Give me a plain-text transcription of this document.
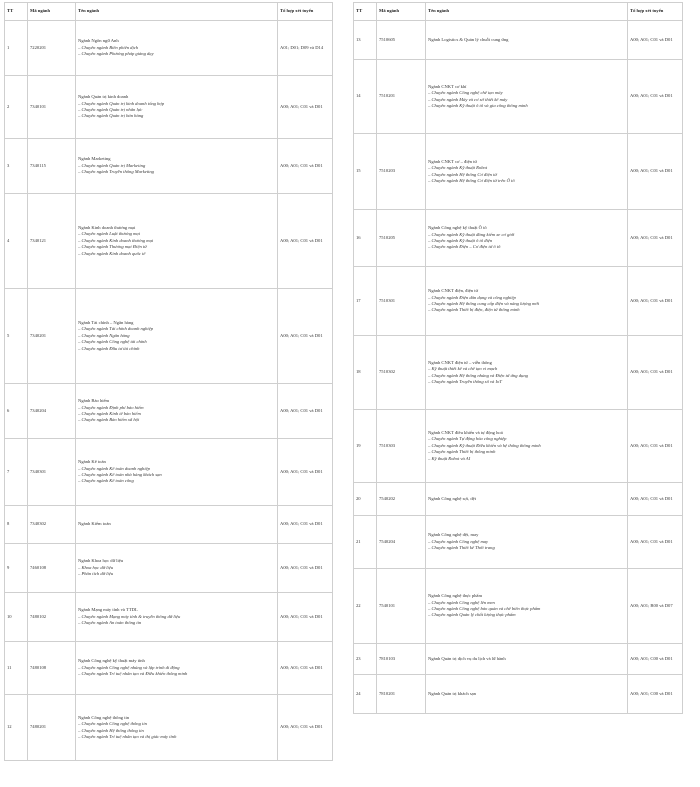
TT	Mã ngành	Tên ngành	Tổ hợp xét tuyển
1	7220201	Ngành Ngôn ngữ Anh
– Chuyên ngành Biên phiên dịch
– Chuyên ngành Phương pháp giảng dạy	A01; D01; D09 và D14
2	7340101	Ngành Quản trị kinh doanh
– Chuyên ngành Quản trị kinh doanh tổng hợp
– Chuyên ngành Quản trị nhân lực
– Chuyên ngành Quản trị bán hàng	A00; A01; C01 và D01
3	7340115	Ngành Marketing
– Chuyên ngành Quản trị Marketing
– Chuyên ngành Truyền thông Marketing	A00; A01; C01 và D01
4	7340121	Ngành Kinh doanh thương mại
– Chuyên ngành Luật thương mại
– Chuyên ngành Kinh doanh thương mại
– Chuyên ngành Thương mại Điện tử
– Chuyên ngành Kinh doanh quốc tế	A00; A01; C01 và D01
5	7340201	Ngành Tài chính – Ngân hàng
– Chuyên ngành Tài chính doanh nghiệp
– Chuyên ngành Ngân hàng
– Chuyên ngành Công nghệ tài chính
– Chuyên ngành Đầu tư tài chính	A00; A01; C01 và D01
6	7340204	Ngành Bảo hiểm
– Chuyên ngành Định phí bảo hiểm
– Chuyên ngành Kinh tế bảo hiểm
– Chuyên ngành Bảo hiểm xã hội	A00; A01; C01 và D01
7	7340301	Ngành Kế toán
– Chuyên ngành Kế toán doanh nghiệp
– Chuyên ngành Kế toán nhà hàng khách sạn
– Chuyên ngành Kế toán công	A00; A01; C01 và D01
8	7340302	Ngành Kiểm toán	A00; A01; C01 và D01
9	7460108	Ngành Khoa học dữ liệu
– Khoa học dữ liệu
– Phân tích dữ liệu	A00; A01; C01 và D01
10	7480102	Ngành Mạng máy tính và TTDL
– Chuyên ngành Mạng máy tính & truyền thông dữ liệu
– Chuyên ngành An toàn thông tin	A00; A01; C01 và D01
11	7480108	Ngành Công nghệ kỹ thuật máy tính
– Chuyên ngành Công nghệ nhúng và lập trình di động
– Chuyên ngành Trí tuệ nhân tạo và Điều khiển thông minh	A00; A01; C01 và D01
12	7480201	Ngành Công nghệ thông tin
– Chuyên ngành Công nghệ thông tin
– Chuyên ngành Hệ thống thông tin
– Chuyên ngành Trí tuệ nhân tạo và thị giác máy tính	A00; A01; C01 và D01
TT	Mã ngành	Tên ngành	Tổ hợp xét tuyển
13	7510605	Ngành Logistics & Quản lý chuỗi cung ứng	A00; A01; C01 và D01
14	7510201	Ngành CNKT cơ khí
– Chuyên ngành Công nghệ chế tạo máy
– Chuyên ngành Máy và cơ sở thiết kế máy
– Chuyên ngành Kỹ thuật ô tô và gia công thông minh	A00; A01; C01 và D01
15	7510203	Ngành CNKT cơ – điện tử
– Chuyên ngành Kỹ thuật Robot
– Chuyên ngành Hệ thống Cơ điện tử
– Chuyên ngành Hệ thống Cơ điện tử trên Ô tô	A00; A01; C01 và D01
16	7510205	Ngành Công nghệ kỹ thuật Ô tô
– Chuyên ngành Kỹ thuật đăng kiểm xe cơ giới
– Chuyên ngành Kỹ thuật ô tô điện
– Chuyên ngành Điện – Cơ điện tử ô tô	A00; A01; C01 và D01
17	7510301	Ngành CNKT điện, điện tử
– Chuyên ngành Điện dân dụng và công nghiệp
– Chuyên ngành Hệ thống cung cấp điện và năng lượng mới
– Chuyên ngành Thiết bị điện, điện tử thông minh	A00; A01; C01 và D01
18	7510302	Ngành CNKT điện tử – viễn thông
– Kỹ thuật thiết kế và chế tạo vi mạch
– Chuyên ngành Hệ thống nhúng và Điện tử ứng dụng
– Chuyên ngành Truyền thông số và IoT	A00; A01; C01 và D01
19	7510303	Ngành CNKT điều khiển và tự động hoá
– Chuyên ngành Tự động hóa công nghiệp
– Chuyên ngành Kỹ thuật Điều khiển và hệ thống thông minh
– Chuyên ngành Thiết bị thông minh
– Kỹ thuật Robot và AI	A00; A01; C01 và D01
20	7540202	Ngành Công nghệ sợi, dệt	A00; A01; C01 và D01
21	7540204	Ngành Công nghệ dệt, may
– Chuyên ngành Công nghệ may
– Chuyên ngành Thiết kế Thời trang	A00; A01; C01 và D01
22	7540101	Ngành Công nghệ thực phẩm
– Chuyên ngành Công nghệ lên men
– Chuyên ngành Công nghệ bảo quản và chế biến thực phẩm
– Chuyên ngành Quản lý chất lượng thực phẩm	A00; A01; B00 và D07
23	7810103	Ngành Quản trị dịch vụ du lịch và lữ hành	A00; A01; C00 và D01
24	7810201	Ngành Quản trị khách sạn	A00; A01; C00 và D01
